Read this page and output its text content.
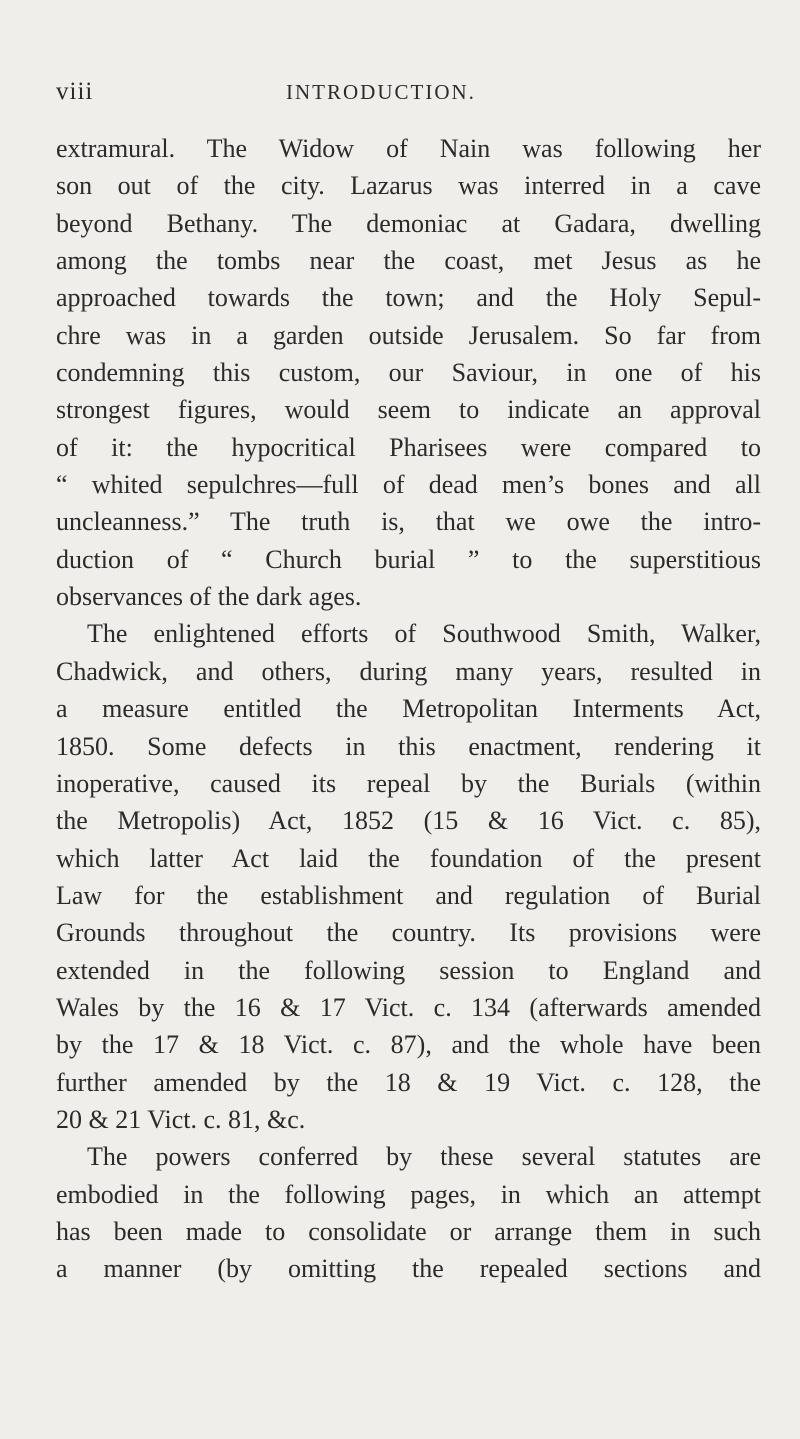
viii	INTRODUCTION.
extramural. The Widow of Nain was following her
son out of the city. Lazarus was interred in a cave
beyond Bethany. The demoniac at Gadara, dwelling
among the tombs near the coast, met Jesus as he
approached towards the town; and the Holy Sepul-
chre was in a garden outside Jerusalem. So far from
condemning this custom, our Saviour, in one of his
strongest figures, would seem to indicate an approval
of it: the hypocritical Pharisees were compared to
“ whited sepulchres—full of dead men’s bones and all
uncleanness.” The truth is, that we owe the intro-
duction of “ Church burial ” to the superstitious
observances of the dark ages.
The enlightened efforts of Southwood Smith, Walker,
Chadwick, and others, during many years, resulted in
a measure entitled the Metropolitan Interments Act,
1850. Some defects in this enactment, rendering it
inoperative, caused its repeal by the Burials (within
the Metropolis) Act, 1852 (15 & 16 Vict. c. 85),
which latter Act laid the foundation of the present
Law for the establishment and regulation of Burial
Grounds throughout the country. Its provisions were
extended in the following session to England and
Wales by the 16 & 17 Vict. c. 134 (afterwards amended
by the 17 & 18 Vict. c. 87), and the whole have been
further amended by the 18 & 19 Vict. c. 128, the
20 & 21 Vict. c. 81, &c.
The powers conferred by these several statutes are
embodied in the following pages, in which an attempt
has been made to consolidate or arrange them in such
a manner (by omitting the repealed sections and
